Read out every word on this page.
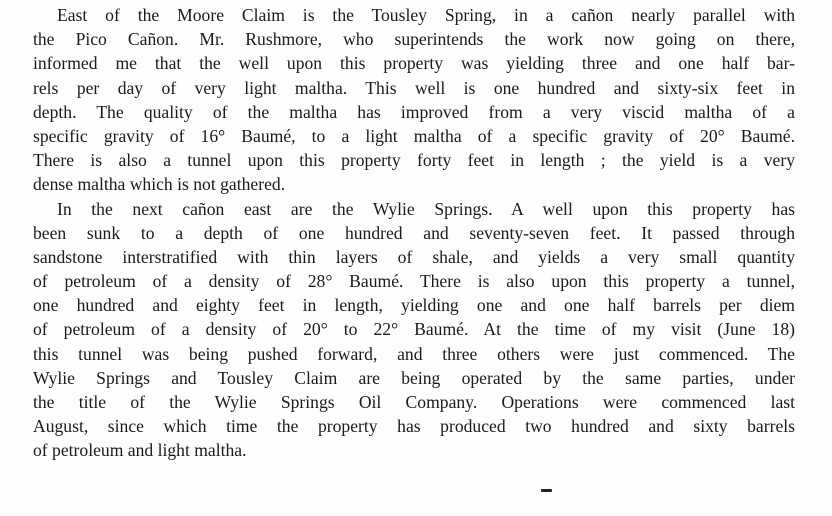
East of the Moore Claim is the Tousley Spring, in a cañon nearly parallel with
the Pico Cañon. Mr. Rushmore, who superintends the work now going on there,
informed me that the well upon this property was yielding three and one half bar-
rels per day of very light maltha. This well is one hundred and sixty-six feet in
depth. The quality of the maltha has improved from a very viscid maltha of a
specific gravity of 16° Baumé, to a light maltha of a specific gravity of 20° Baumé.
There is also a tunnel upon this property forty feet in length ; the yield is a very
dense maltha which is not gathered.
In the next cañon east are the Wylie Springs. A well upon this property has
been sunk to a depth of one hundred and seventy-seven feet. It passed through
sandstone interstratified with thin layers of shale, and yields a very small quantity
of petroleum of a density of 28° Baumé. There is also upon this property a tunnel,
one hundred and eighty feet in length, yielding one and one half barrels per diem
of petroleum of a density of 20° to 22° Baumé. At the time of my visit (June 18)
this tunnel was being pushed forward, and three others were just commenced. The
Wylie Springs and Tousley Claim are being operated by the same parties, under
the title of the Wylie Springs Oil Company. Operations were commenced last
August, since which time the property has produced two hundred and sixty barrels
of petroleum and light maltha.
